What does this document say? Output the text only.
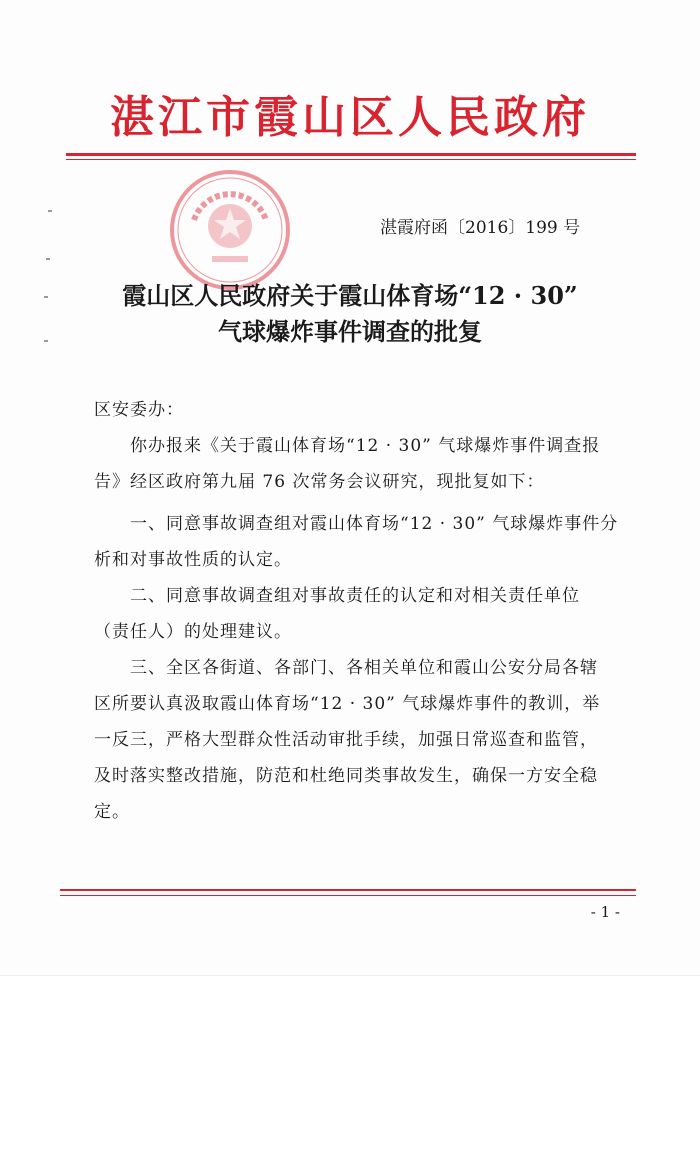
湛江市霞山区人民政府
湛霞府函〔2016〕199 号
霞山区人民政府关于霞山体育场“12 · 30”
气球爆炸事件调查的批复
区安委办：
你办报来《关于霞山体育场“12 · 30” 气球爆炸事件调查报
告》经区政府第九届 76 次常务会议研究，现批复如下：
一、同意事故调查组对霞山体育场“12 · 30” 气球爆炸事件分
析和对事故性质的认定。
二、同意事故调查组对事故责任的认定和对相关责任单位
（责任人）的处理建议。
三、全区各街道、各部门、各相关单位和霞山公安分局各辖
区所要认真汲取霞山体育场“12 · 30” 气球爆炸事件的教训，举
一反三，严格大型群众性活动审批手续，加强日常巡查和监管，
及时落实整改措施，防范和杜绝同类事故发生，确保一方安全稳
定。
- 1 -
